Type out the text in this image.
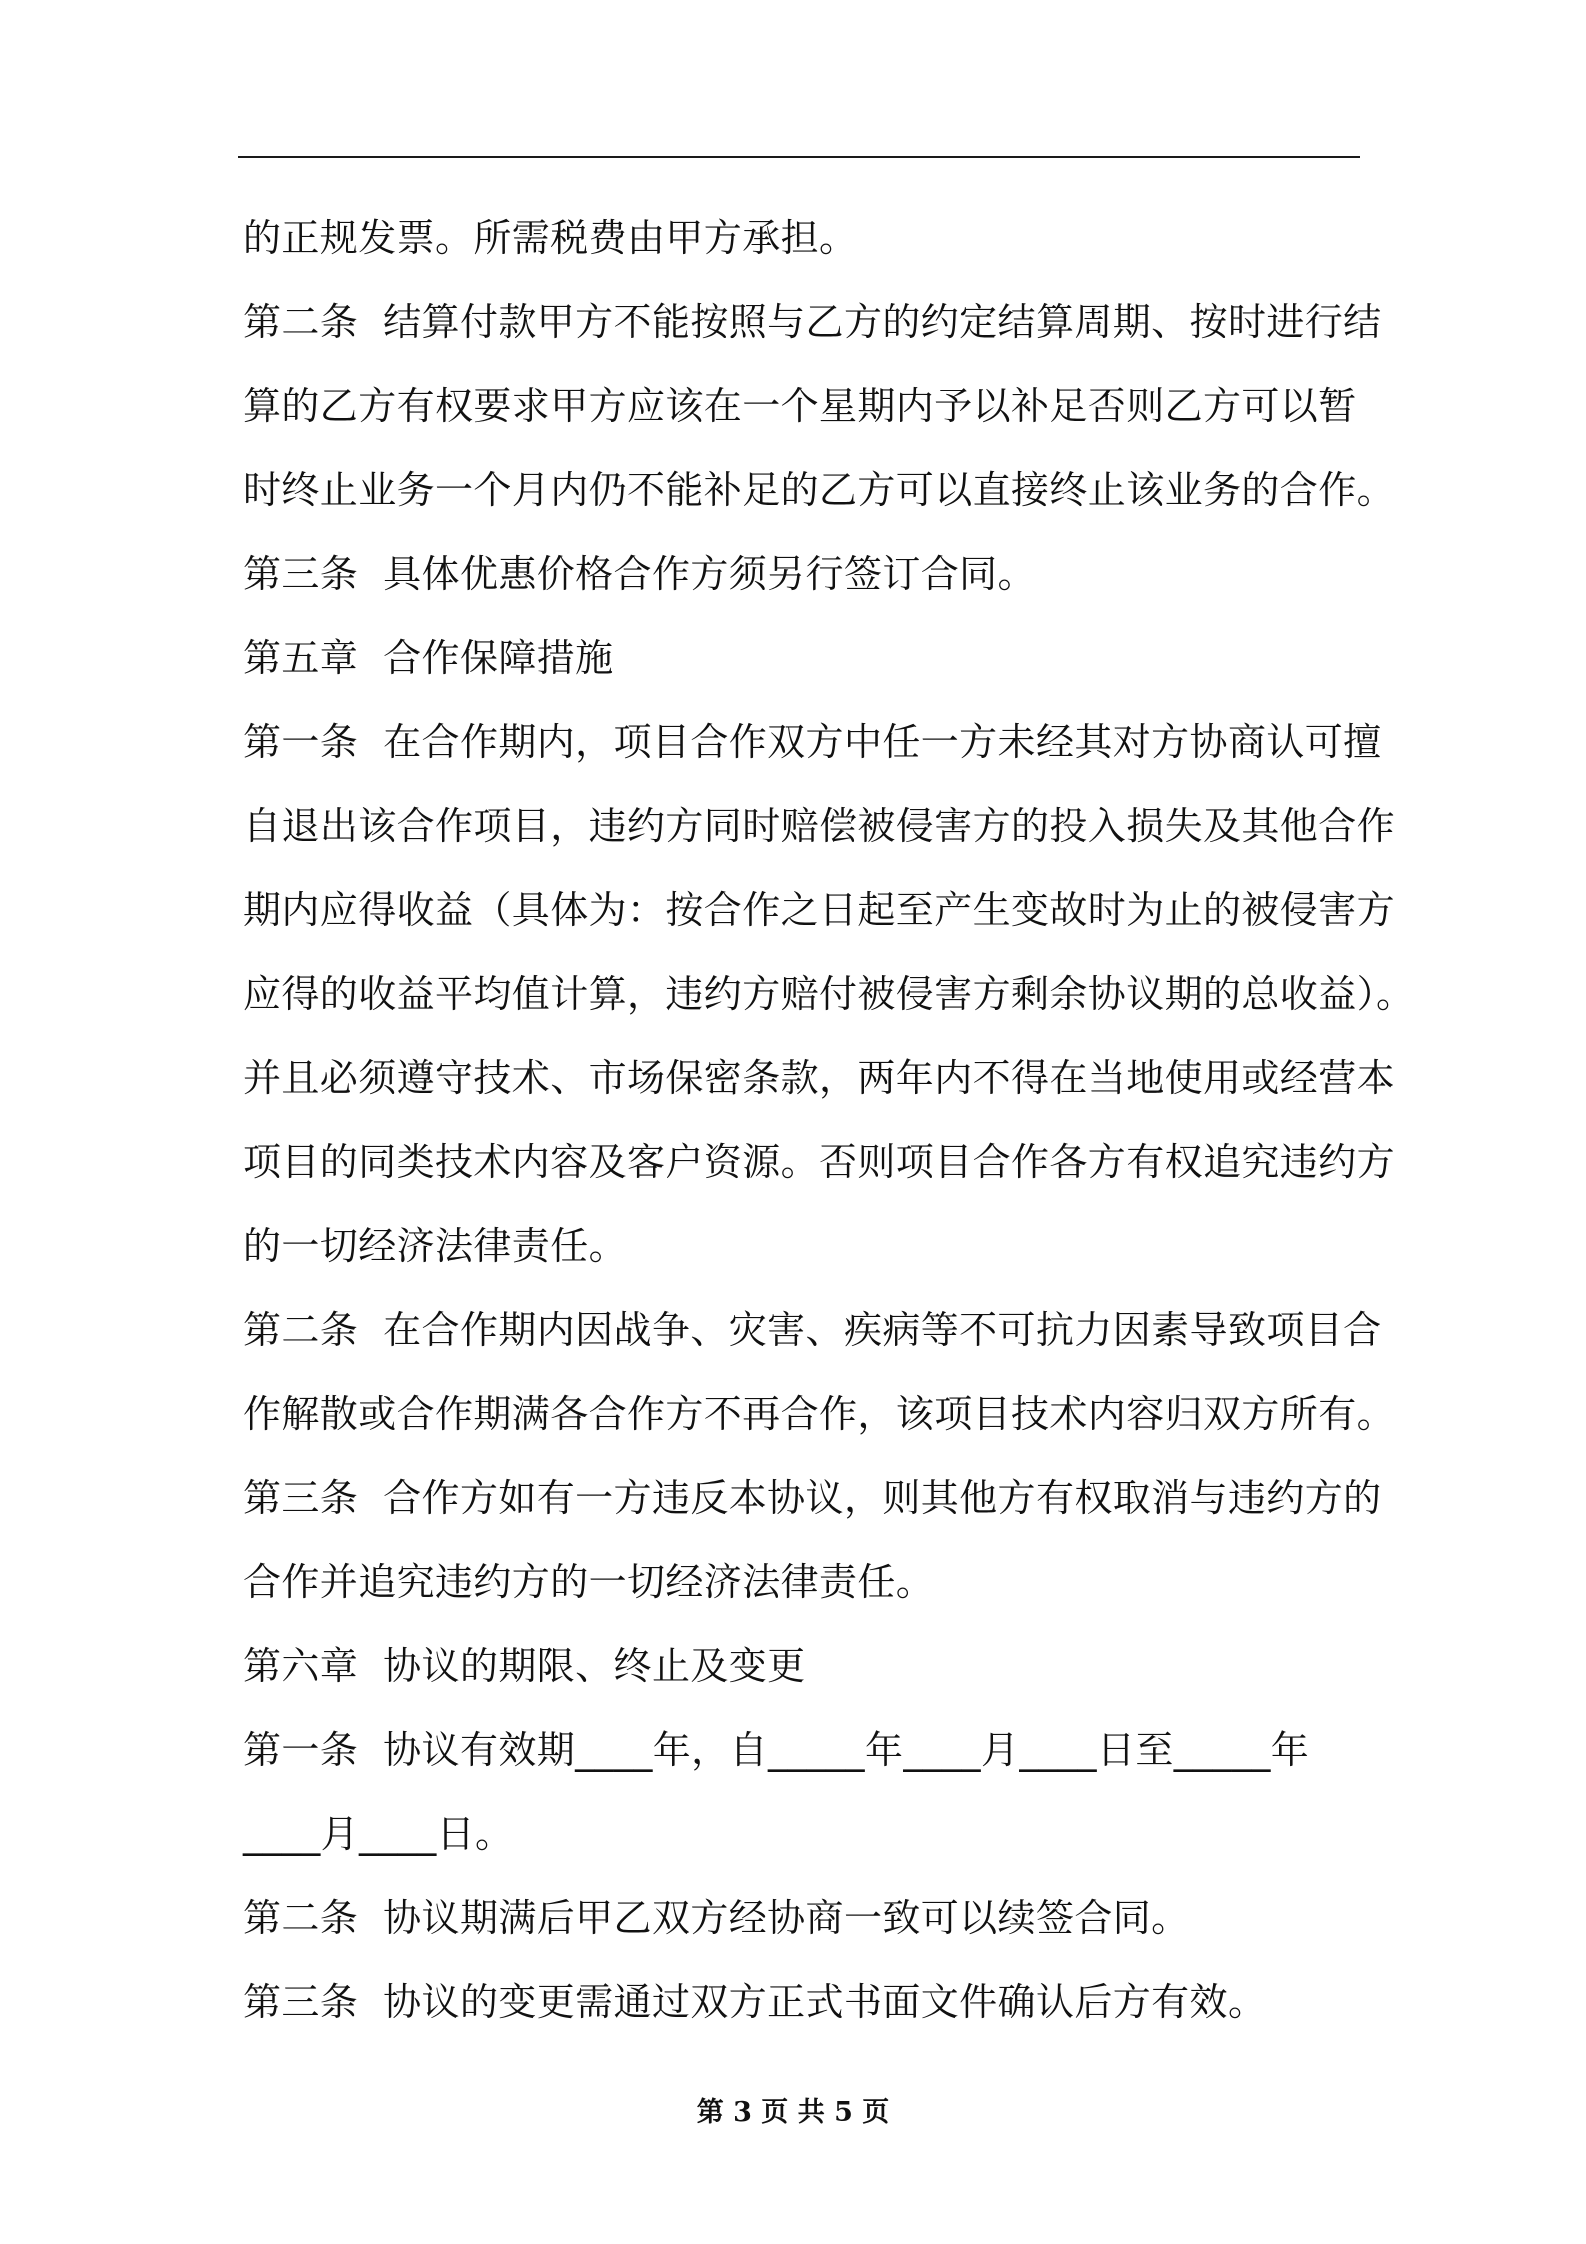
的正规发票。所需税费由甲方承担。
第二条  结算付款甲方不能按照与乙方的约定结算周期、按时进行结
算的乙方有权要求甲方应该在一个星期内予以补足否则乙方可以暂
时终止业务一个月内仍不能补足的乙方可以直接终止该业务的合作。
第三条  具体优惠价格合作方须另行签订合同。
第五章  合作保障措施
第一条  在合作期内，项目合作双方中任一方未经其对方协商认可擅
自退出该合作项目，违约方同时赔偿被侵害方的投入损失及其他合作
期内应得收益（具体为：按合作之日起至产生变故时为止的被侵害方
应得的收益平均值计算，违约方赔付被侵害方剩余协议期的总收益）。
并且必须遵守技术、市场保密条款，两年内不得在当地使用或经营本
项目的同类技术内容及客户资源。否则项目合作各方有权追究违约方
的一切经济法律责任。
第二条  在合作期内因战争、灾害、疾病等不可抗力因素导致项目合
作解散或合作期满各合作方不再合作，该项目技术内容归双方所有。
第三条  合作方如有一方违反本协议，则其他方有权取消与违约方的
合作并追究违约方的一切经济法律责任。
第六章  协议的期限、终止及变更
第一条  协议有效期____年，自_____年____月____日至_____年
____月____日。
第二条  协议期满后甲乙双方经协商一致可以续签合同。
第三条  协议的变更需通过双方正式书面文件确认后方有效。
第 3 页 共 5 页
